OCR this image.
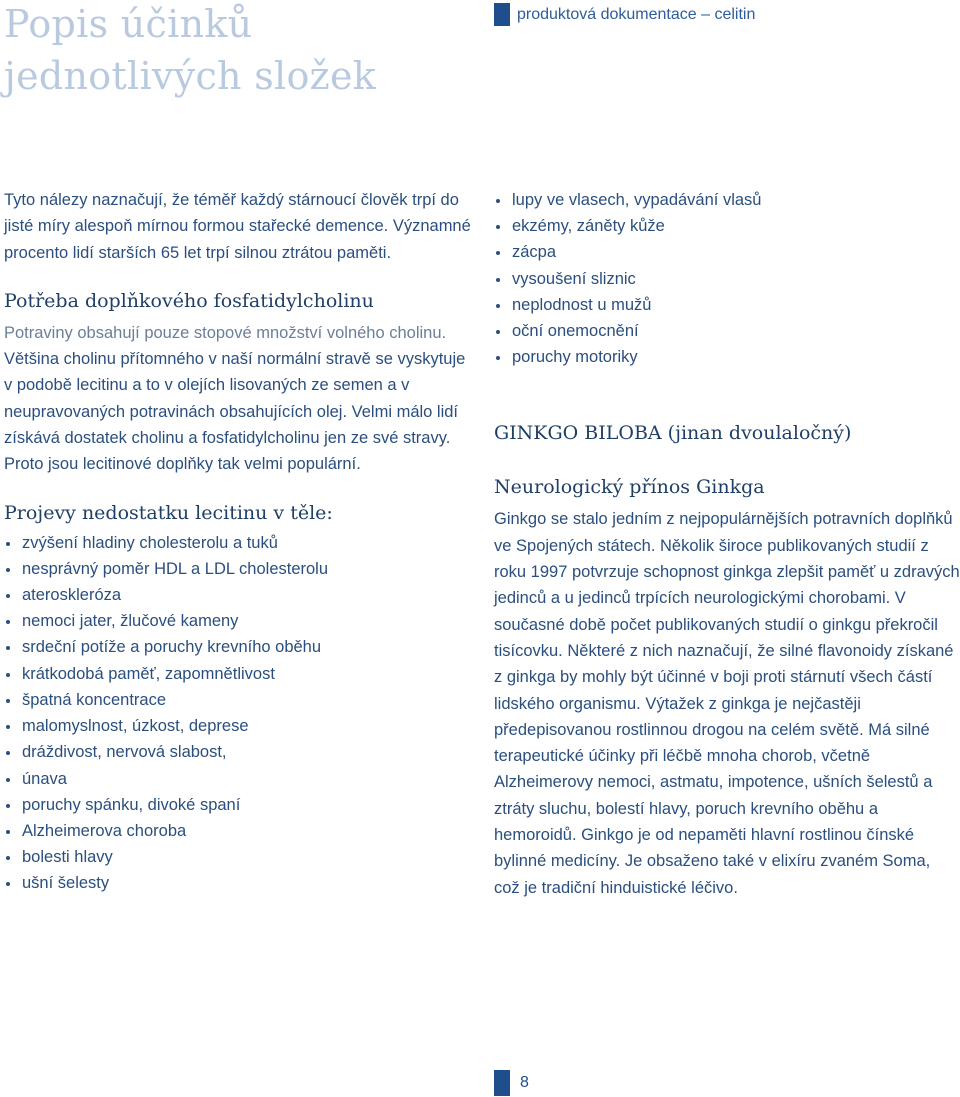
Popis účinků
jednotlivých složek
produktová dokumentace – celitin

Tyto nálezy naznačují, že téměř každý stárnoucí člověk trpí do jisté míry alespoň mírnou formou stařecké demence. Významné procento lidí starších 65 let trpí silnou ztrátou paměti.

Potřeba doplňkového fosfatidylcholinu

Potraviny obsahují pouze stopové množství volného cholinu. Většina cholinu přítomného v naší normální stravě se vyskytuje v podobě lecitinu a to v olejích lisovaných ze semen a v neupravovaných potravinách obsahujících olej. Velmi málo lidí získává dostatek cholinu a fosfatidylcholinu jen ze své stravy. Proto jsou lecitinové doplňky tak velmi populární.

Projevy nedostatku lecitinu v těle:
zvýšení hladiny cholesterolu a tuků
nesprávný poměr HDL a LDL cholesterolu
ateroskleróza
nemoci jater, žlučové kameny
srdeční potíže a poruchy krevního oběhu
krátkodobá paměť, zapomnětlivost
špatná koncentrace
malomyslnost, úzkost, deprese
dráždivost, nervová slabost,
únava
poruchy spánku, divoké spaní
Alzheimerova choroba
bolesti hlavy
ušní šelesty
lupy ve vlasech, vypadávání vlasů
ekzémy, záněty kůže
zácpa
vysoušení sliznic
neplodnost u mužů
oční onemocnění
poruchy motoriky
GINKGO BILOBA (jinan dvoulaločný)
Neurologický přínos Ginkga

Ginkgo se stalo jedním z nejpopulárnějších potravních doplňků ve Spojených státech. Několik široce publikovaných studií z roku 1997 potvrzuje schopnost ginkga zlepšit paměť u zdravých jedinců a u jedinců trpících neurologickými chorobami. V současné době počet publikovaných studií o ginkgu překročil tisícovku. Některé z nich naznačují, že silné flavonoidy získané z ginkga by mohly být účinné v boji proti stárnutí všech částí lidského organismu. Výtažek z ginkga je nejčastěji předepisovanou rostlinnou drogou na celém světě. Má silné terapeutické účinky při léčbě mnoha chorob, včetně Alzheimerovy nemoci, astmatu, impotence, ušních šelestů a ztráty sluchu, bolestí hlavy, poruch krevního oběhu a hemoroidů. Ginkgo je od nepaměti hlavní rostlinou čínské bylinné medicíny. Je obsaženo také v elixíru zvaném Soma, což je tradiční hinduistické léčivo.

8
